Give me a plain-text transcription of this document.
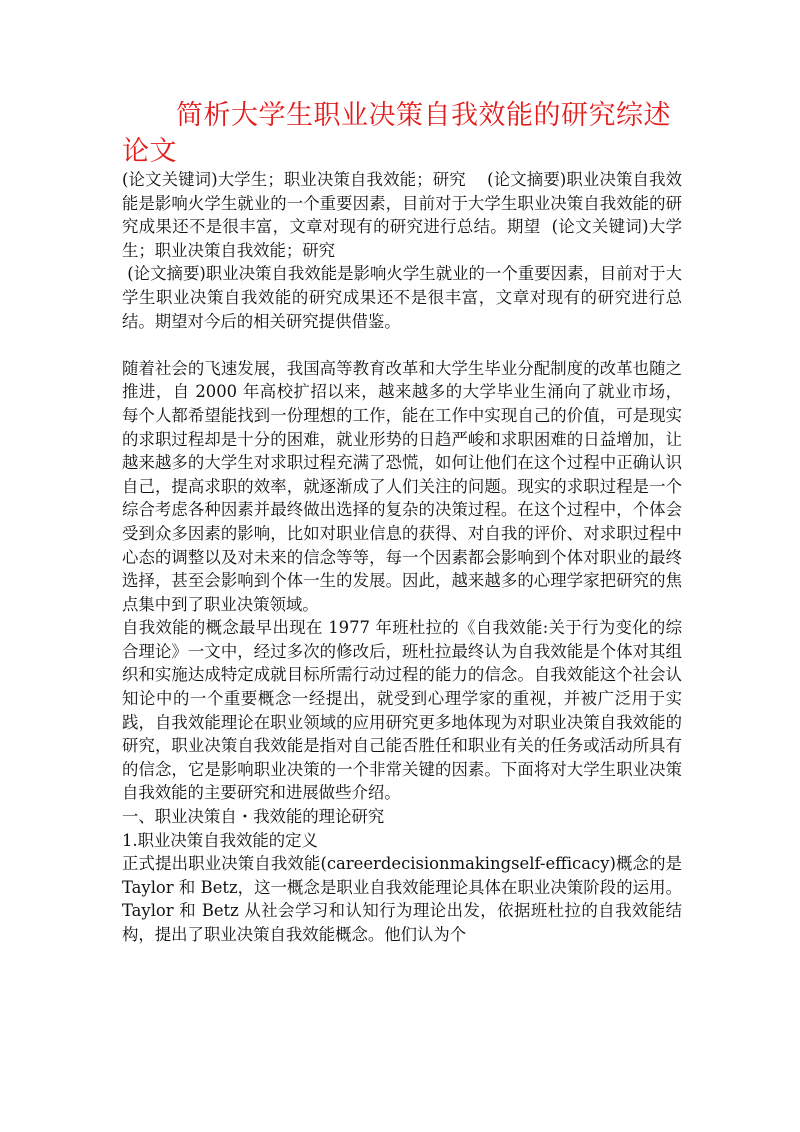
简析大学生职业决策自我效能的研究综述论文

(论文关键词)大学生；职业决策自我效能；研究    (论文摘要)职业决策自我效能是影响火学生就业的一个重要因素，目前对于大学生职业决策自我效能的研究成果还不是很丰富，文章对现有的研究进行总结。期望  (论文关键词)大学生；职业决策自我效能；研究

(论文摘要)职业决策自我效能是影响火学生就业的一个重要因素，目前对于大学生职业决策自我效能的研究成果还不是很丰富，文章对现有的研究进行总结。期望对今后的相关研究提供借鉴。

随着社会的飞速发展，我国高等教育改革和大学生毕业分配制度的改革也随之推进，自 2000 年高校扩招以来，越来越多的大学毕业生涌向了就业市场，每个人都希望能找到一份理想的工作，能在工作中实现自己的价值，可是现实的求职过程却是十分的困难，就业形势的日趋严峻和求职困难的日益增加，让越来越多的大学生对求职过程充满了恐慌，如何让他们在这个过程中正确认识自己，提高求职的效率，就逐渐成了人们关注的问题。现实的求职过程是一个综合考虑各种因素并最终做出选择的复杂的决策过程。在这个过程中，个体会受到众多因素的影响，比如对职业信息的获得、对自我的评价、对求职过程中心态的调整以及对未来的信念等等，每一个因素都会影响到个体对职业的最终选择，甚至会影响到个体一生的发展。因此，越来越多的心理学家把研究的焦点集中到了职业决策领域。

自我效能的概念最早出现在 1977 年班杜拉的《自我效能:关于行为变化的综合理论》一文中，经过多次的修改后，班杜拉最终认为自我效能是个体对其组织和实施达成特定成就目标所需行动过程的能力的信念。自我效能这个社会认知论中的一个重要概念一经提出，就受到心理学家的重视，并被广泛用于实践，自我效能理论在职业领域的应用研究更多地体现为对职业决策自我效能的研究，职业决策自我效能是指对自己能否胜任和职业有关的任务或活动所具有的信念，它是影响职业决策的一个非常关键的因素。下面将对大学生职业决策自我效能的主要研究和进展做些介绍。

一、职业决策自・我效能的理论研究

1.职业决策自我效能的定义

正式提出职业决策自我效能(careerdecisionmakingself-efficacy)概念的是 Taylor 和 Betz，这一概念是职业自我效能理论具体在职业决策阶段的运用。Taylor 和 Betz 从社会学习和认知行为理论出发，依据班杜拉的自我效能结构，提出了职业决策自我效能概念。他们认为个
